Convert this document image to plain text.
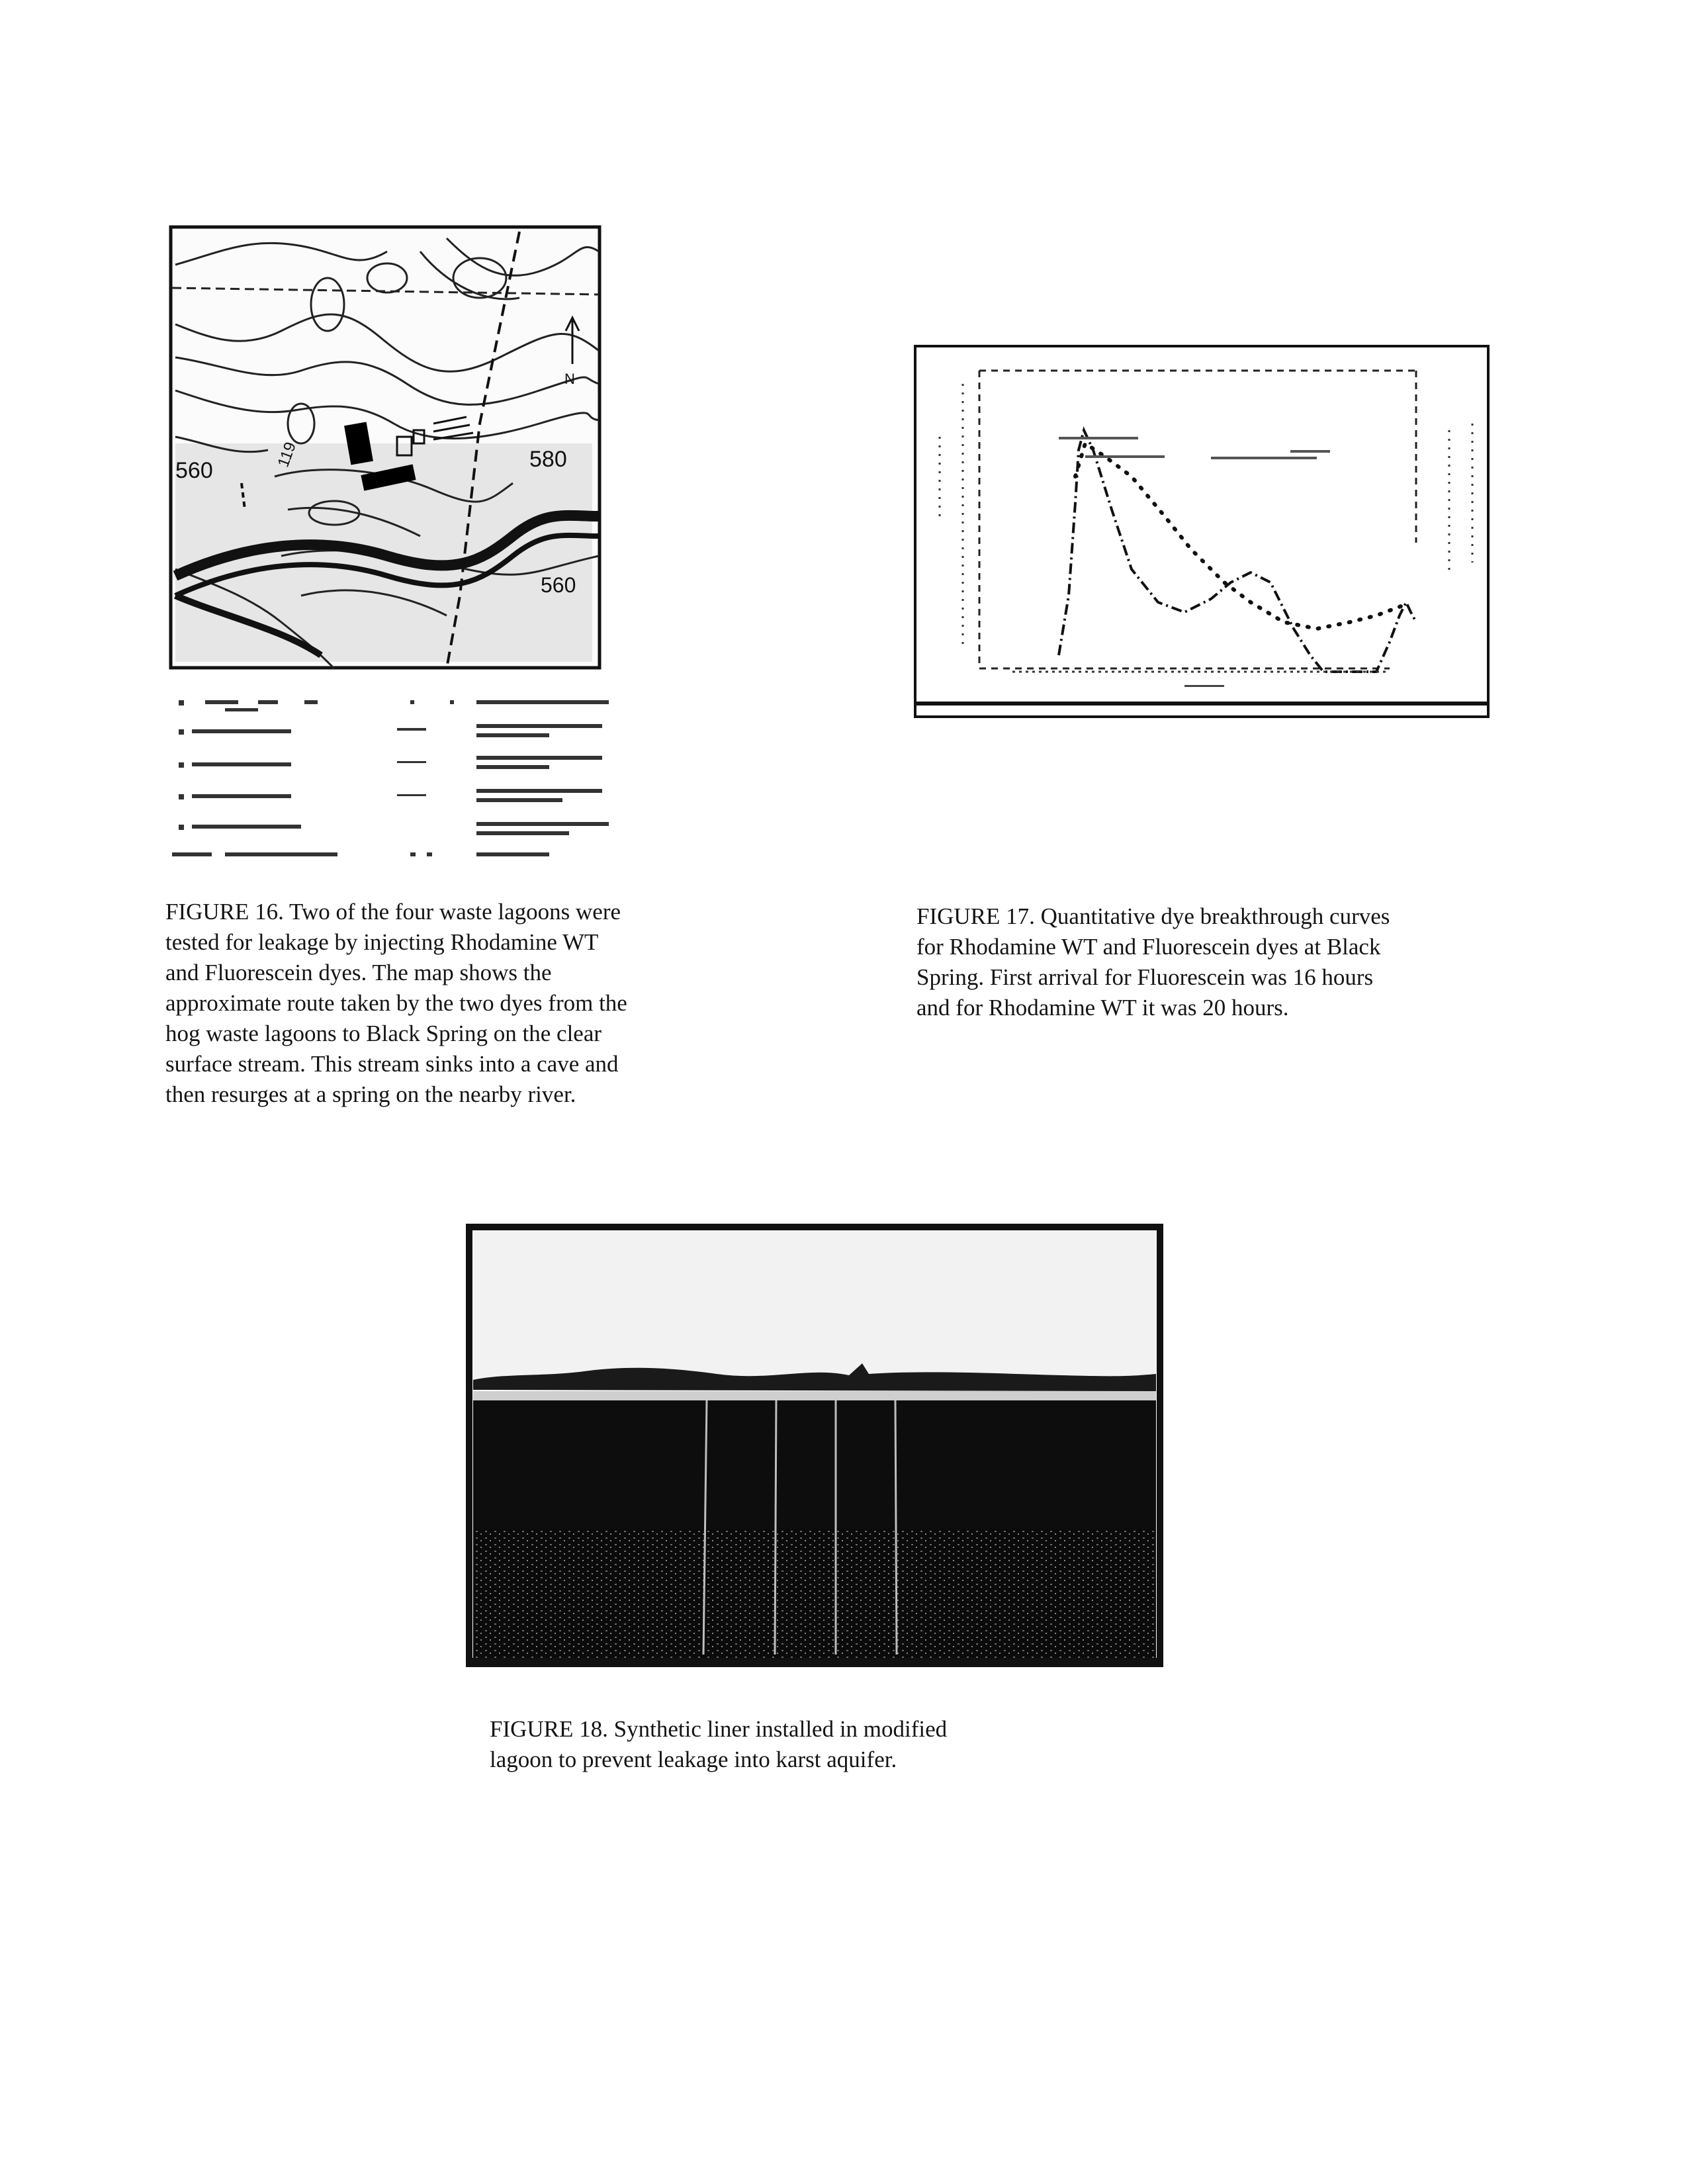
N
560	580
560
119
FIGURE 16. Two of the four waste lagoons were
tested for leakage by injecting Rhodamine WT
and Fluorescein dyes. The map shows the
approximate route taken by the two dyes from the
hog waste lagoons to Black Spring on the clear
surface stream. This stream sinks into a cave and
then resurges at a spring on the nearby river.
FIGURE 17. Quantitative dye breakthrough curves
for Rhodamine WT and Fluorescein dyes at Black
Spring. First arrival for Fluorescein was 16 hours
and for Rhodamine WT it was 20 hours.
FIGURE 18. Synthetic liner installed in modified
lagoon to prevent leakage into karst aquifer.
